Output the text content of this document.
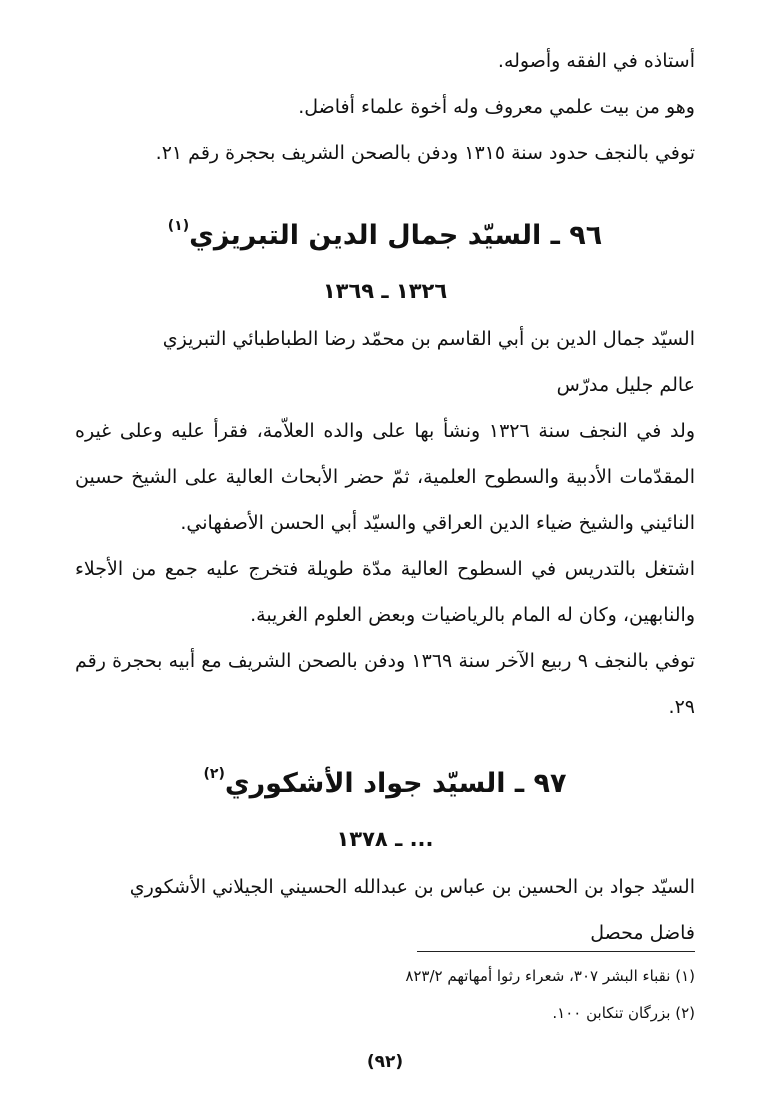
أستاذه في الفقه وأصوله.

وهو من بيت علمي معروف وله أخوة علماء أفاضل.

توفي بالنجف حدود سنة ١٣١٥ ودفن بالصحن الشريف بحجرة رقم ٢١.

٩٦ ـ السيّد جمال الدين التبريزي$^{(١)}$
١٣٢٦ ـ ١٣٦٩

السيّد جمال الدين بن أبي القاسم بن محمّد رضا الطباطبائي التبريزي

عالم جليل مدرّس

ولد في النجف سنة ١٣٢٦ ونشأ بها على والده العلاّمة، فقرأ عليه وعلى غيره المقدّمات الأدبية والسطوح العلمية، ثمّ حضر الأبحاث العالية على الشيخ حسين النائيني والشيخ ضياء الدين العراقي والسيّد أبي الحسن الأصفهاني.

اشتغل بالتدريس في السطوح العالية مدّة طويلة فتخرج عليه جمع من الأجلاء والنابهين، وكان له المام بالرياضيات وبعض العلوم الغريبة.

توفي بالنجف ٩ ربيع الآخر سنة ١٣٦٩ ودفن بالصحن الشريف مع أبيه بحجرة رقم ٢٩.

٩٧ ـ السيّد جواد الأشكوري$^{(٢)}$
... ـ ١٣٧٨

السيّد جواد بن الحسين بن عباس بن عبدالله الحسيني الجيلاني الأشكوري

فاضل محصل

(١) نقباء البشر ٣٠٧، شعراء رثوا أمهاتهم ٨٢٣/٢

(٢) بزرگان تنكابن ١٠٠.

(٩٢)
